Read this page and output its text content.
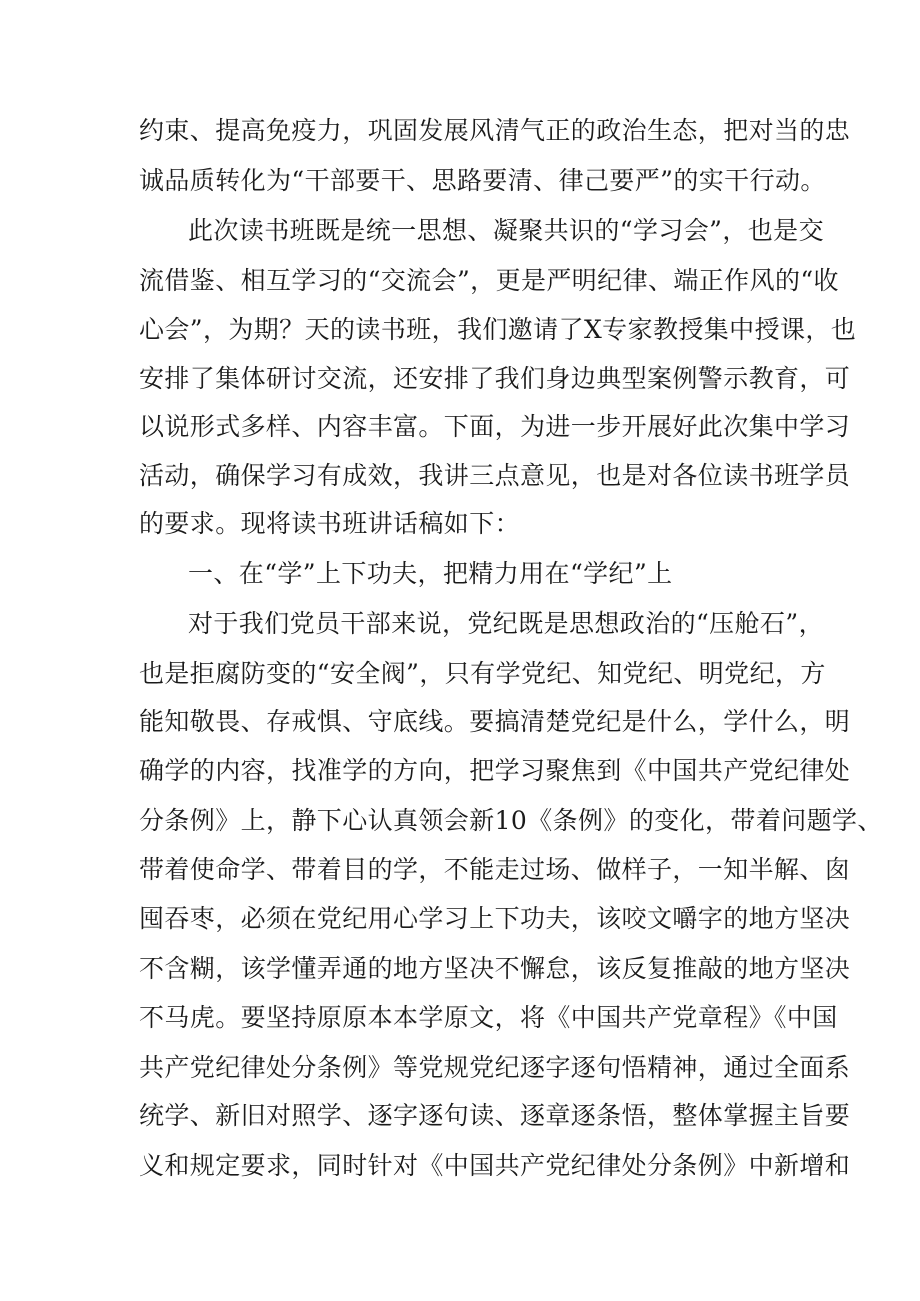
约束、提高免疫力，巩固发展风清气正的政治生态，把对当的忠
诚品质转化为“干部要干、思路要清、律己要严”的实干行动。
此次读书班既是统一思想、凝聚共识的“学习会”，也是交
流借鉴、相互学习的“交流会”，更是严明纪律、端正作风的“收
心会”，为期？天的读书班，我们邀请了X专家教授集中授课，也
安排了集体研讨交流，还安排了我们身边典型案例警示教育，可
以说形式多样、内容丰富。下面，为进一步开展好此次集中学习
活动，确保学习有成效，我讲三点意见，也是对各位读书班学员
的要求。现将读书班讲话稿如下：
一、在“学”上下功夫，把精力用在“学纪”上
对于我们党员干部来说，党纪既是思想政治的“压舱石”，
也是拒腐防变的“安全阀”，只有学党纪、知党纪、明党纪，方
能知敬畏、存戒惧、守底线。要搞清楚党纪是什么，学什么，明
确学的内容，找准学的方向，把学习聚焦到《中国共产党纪律处
分条例》上，静下心认真领会新10《条例》的变化，带着问题学、
带着使命学、带着目的学，不能走过场、做样子，一知半解、囱
囤吞枣，必须在党纪用心学习上下功夫，该咬文嚼字的地方坚决
不含糊，该学懂弄通的地方坚决不懈怠，该反复推敲的地方坚决
不马虎。要坚持原原本本学原文，将《中国共产党章程》《中国
共产党纪律处分条例》等党规党纪逐字逐句悟精神，通过全面系
统学、新旧对照学、逐字逐句读、逐章逐条悟，整体掌握主旨要
义和规定要求，同时针对《中国共产党纪律处分条例》中新增和
